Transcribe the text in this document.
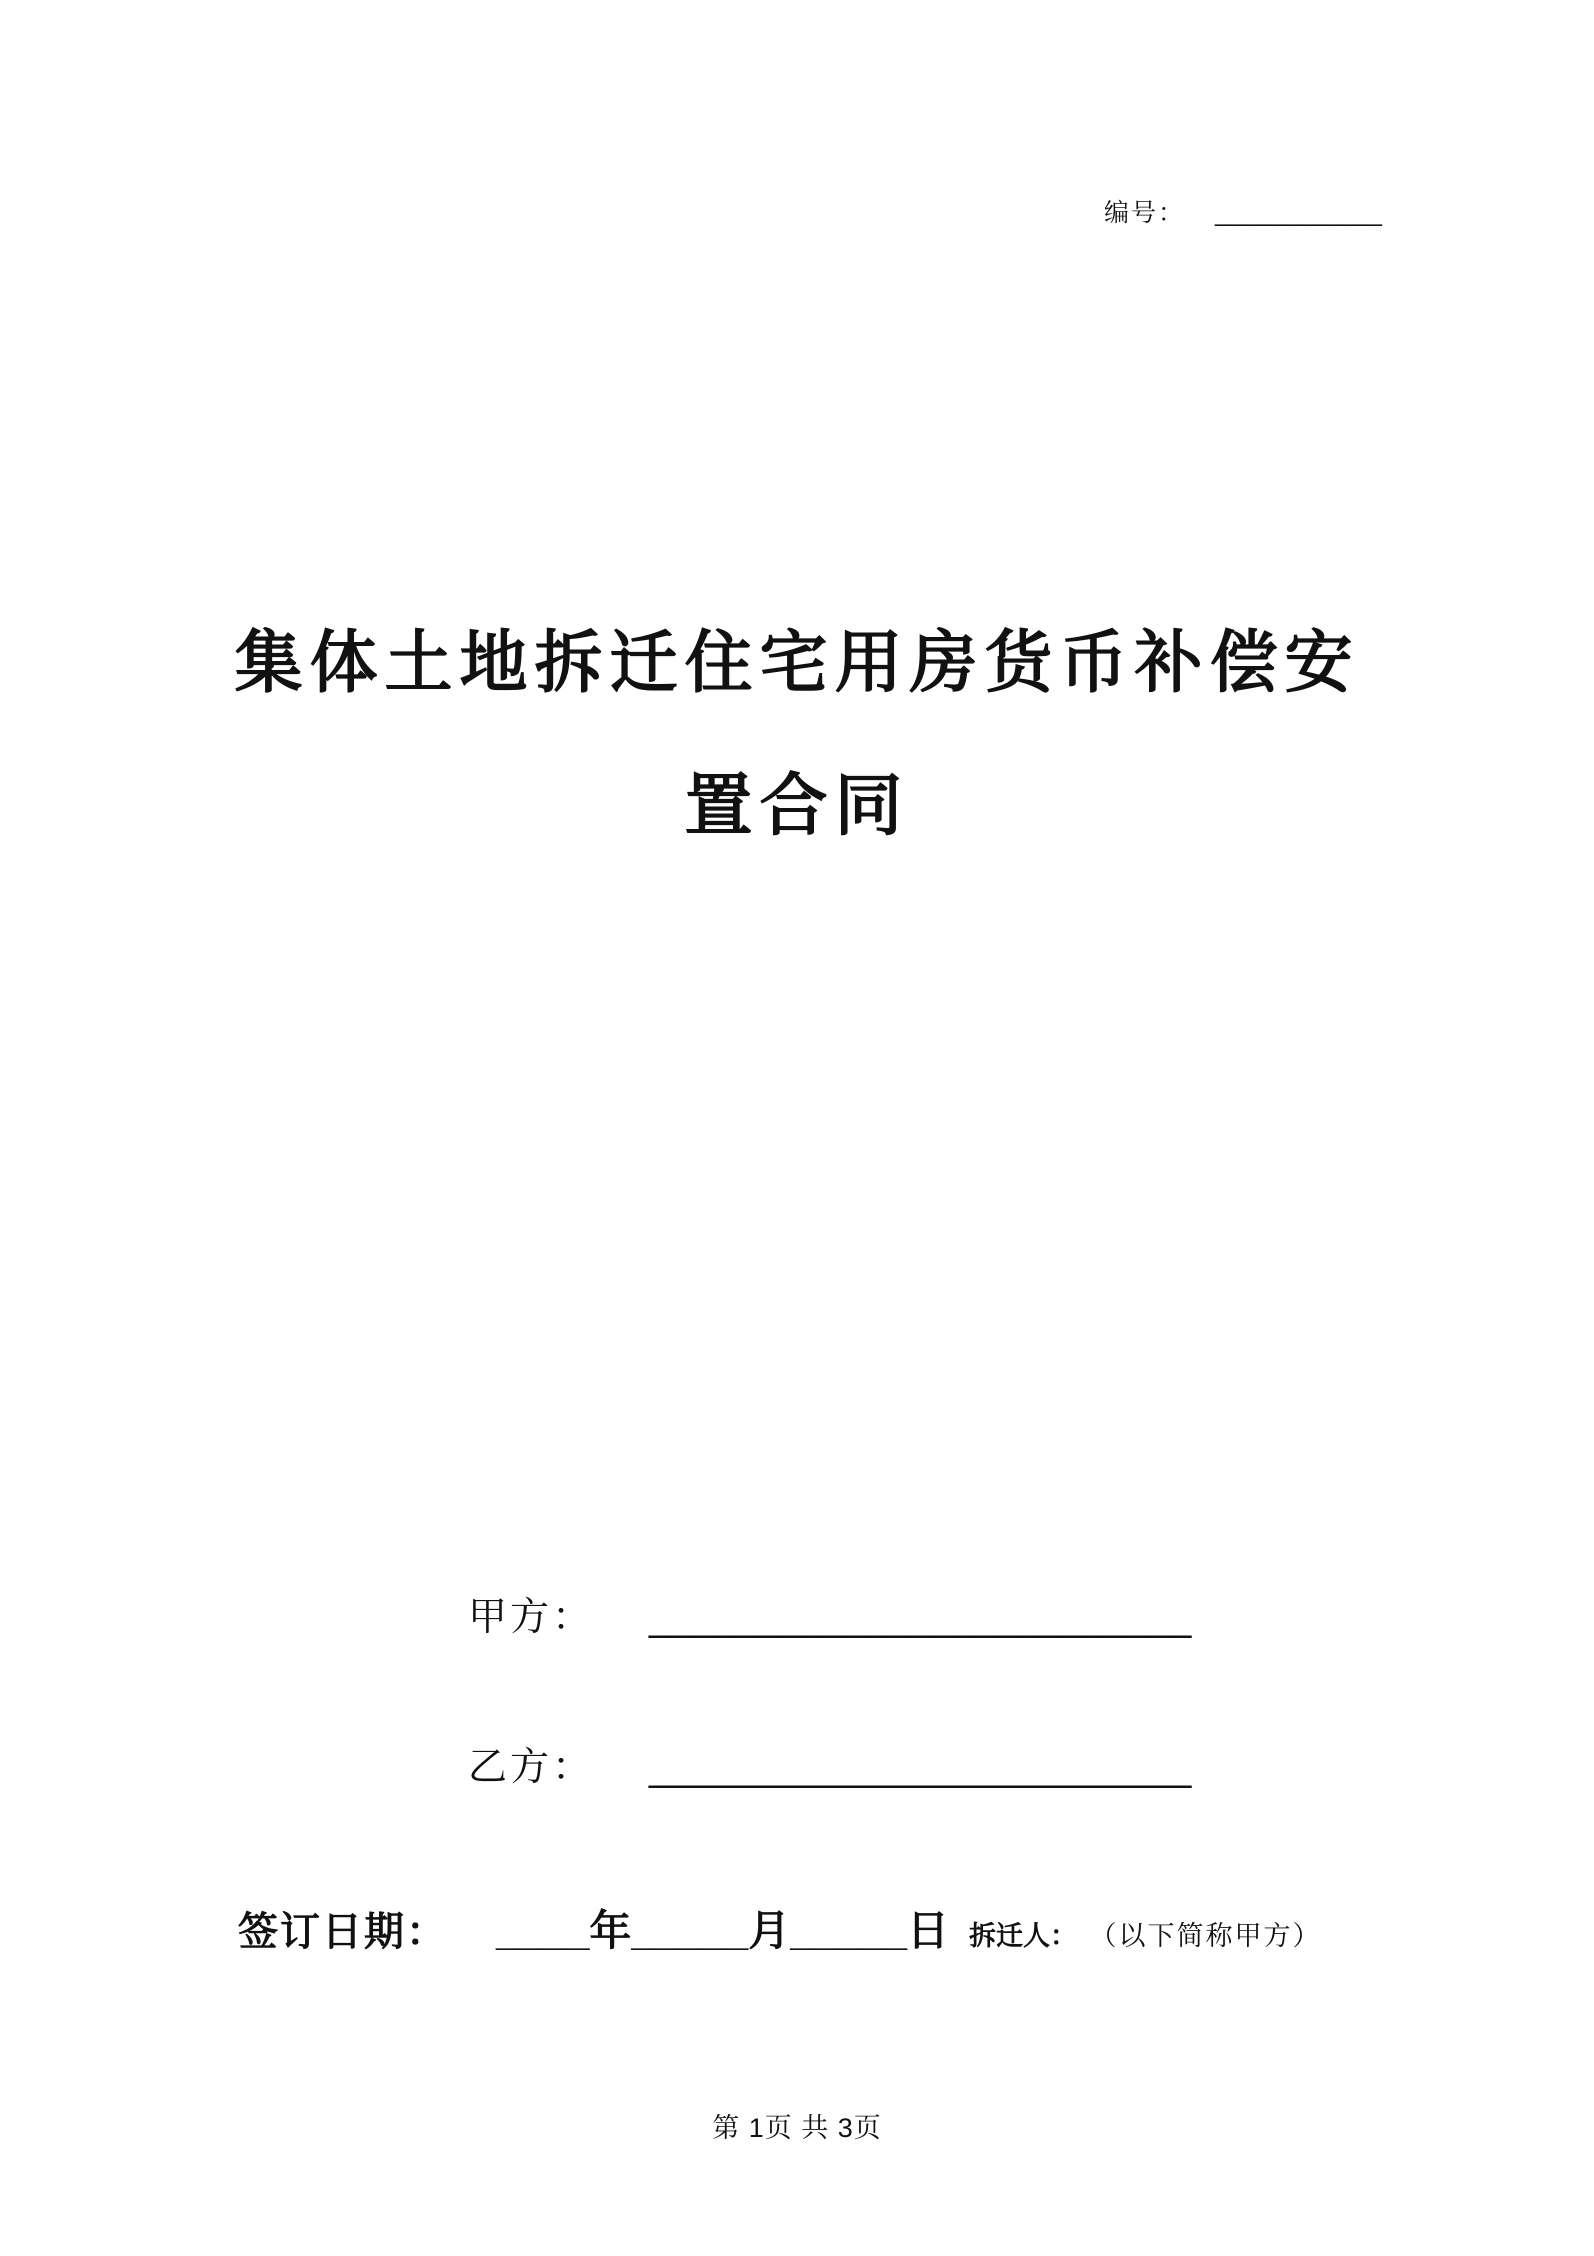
编号： ____________
集体土地拆迁住宅用房货币补偿安
置合同
甲方： _________________________
乙方： _________________________
签订日期： ____年_____月_____日 拆迁人： （以下简称甲方）
第 1页 共 3页
